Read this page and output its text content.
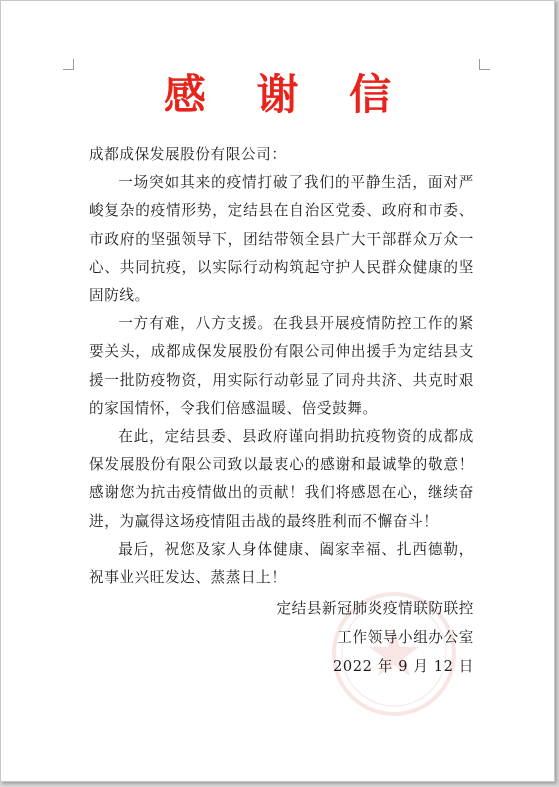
感 谢 信

成都成保发展股份有限公司：

一场突如其来的疫情打破了我们的平静生活，面对严峻复杂的疫情形势，定结县在自治区党委、政府和市委、市政府的坚强领导下，团结带领全县广大干部群众万众一心、共同抗疫，以实际行动构筑起守护人民群众健康的坚固防线。

一方有难，八方支援。在我县开展疫情防控工作的紧要关头，成都成保发展股份有限公司伸出援手为定结县支援一批防疫物资，用实际行动彰显了同舟共济、共克时艰的家国情怀，令我们倍感温暖、倍受鼓舞。

在此，定结县委、县政府谨向捐助抗疫物资的成都成保发展股份有限公司致以最衷心的感谢和最诚挚的敬意！感谢您为抗击疫情做出的贡献！我们将感恩在心，继续奋进，为赢得这场疫情阻击战的最终胜利而不懈奋斗！

最后，祝您及家人身体健康、阖家幸福、扎西德勒，祝事业兴旺发达、蒸蒸日上！

定结县新冠肺炎疫情联防联控
工作领导小组办公室
2022 年 9 月 12 日
